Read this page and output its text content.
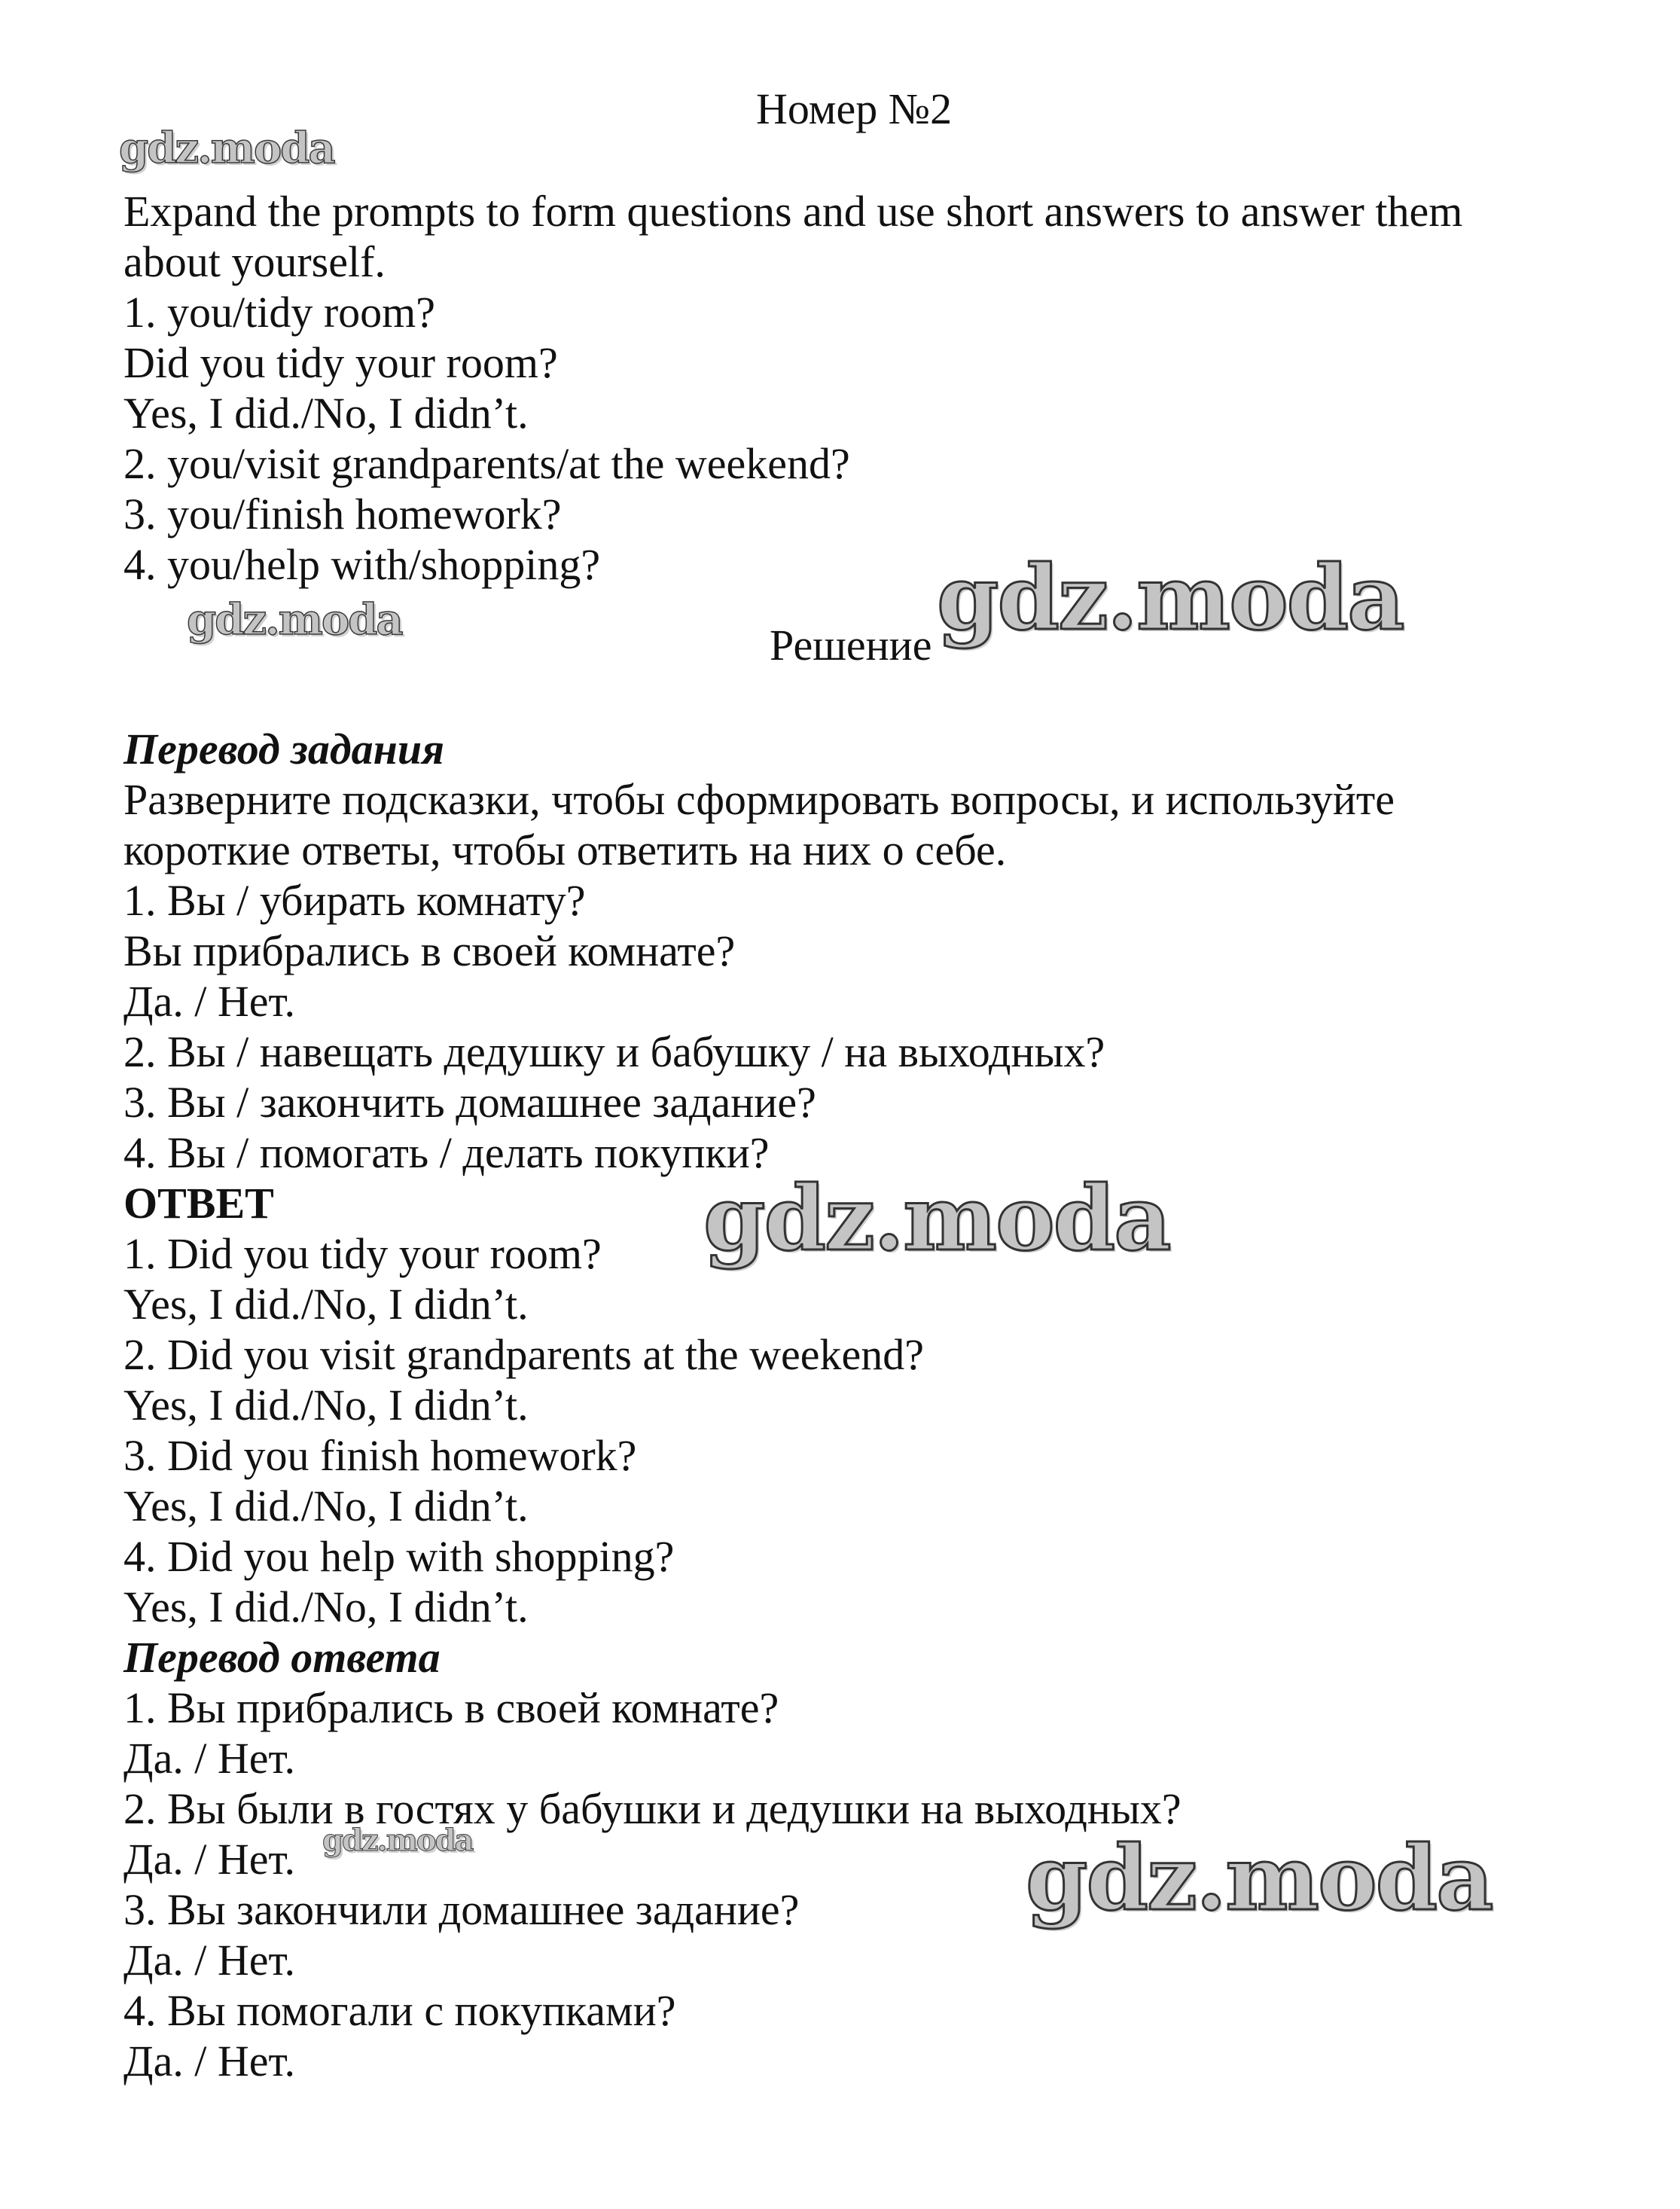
Номер №2
Expand the prompts to form questions and use short answers to answer them
about yourself.
1. you/tidy room?
Did you tidy your room?
Yes, I did./No, I didn’t.
2. you/visit grandparents/at the weekend?
3. you/finish homework?
4. you/help with/shopping?
Решение
Перевод задания
Разверните подсказки, чтобы сформировать вопросы, и используйте
короткие ответы, чтобы ответить на них о себе.
1. Вы / убирать комнату?
Вы прибрались в своей комнате?
Да. / Нет.
2. Вы / навещать дедушку и бабушку / на выходных?
3. Вы / закончить домашнее задание?
4. Вы / помогать / делать покупки?
ОТВЕТ
1. Did you tidy your room?
Yes, I did./No, I didn’t.
2. Did you visit grandparents at the weekend?
Yes, I did./No, I didn’t.
3. Did you finish homework?
Yes, I did./No, I didn’t.
4. Did you help with shopping?
Yes, I did./No, I didn’t.
Перевод ответа
1. Вы прибрались в своей комнате?
Да. / Нет.
2. Вы были в гостях у бабушки и дедушки на выходных?
Да. / Нет.
3. Вы закончили домашнее задание?
Да. / Нет.
4. Вы помогали с покупками?
Да. / Нет.
gdz.moda
gdz.moda	gdz.moda
gdz.moda
gdz.moda	gdz.moda
